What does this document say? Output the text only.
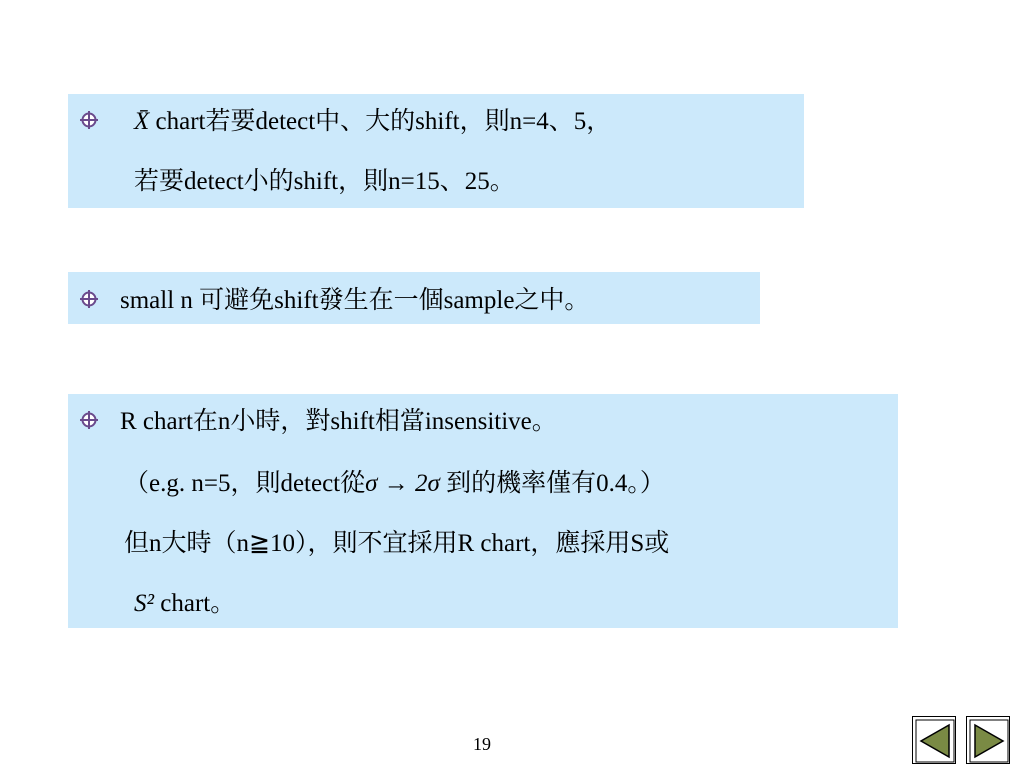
X̄ chart若要detect中、大的shift，則n=4、5，
若要detect小的shift，則n=15、25。
small n 可避免shift發生在一個sample之中。
R chart在n小時，對shift相當insensitive。
（e.g. n=5，則detect從σ → 2σ 到的機率僅有0.4。）
但n大時（n≧10），則不宜採用R chart，應採用S或
S² chart。
19
